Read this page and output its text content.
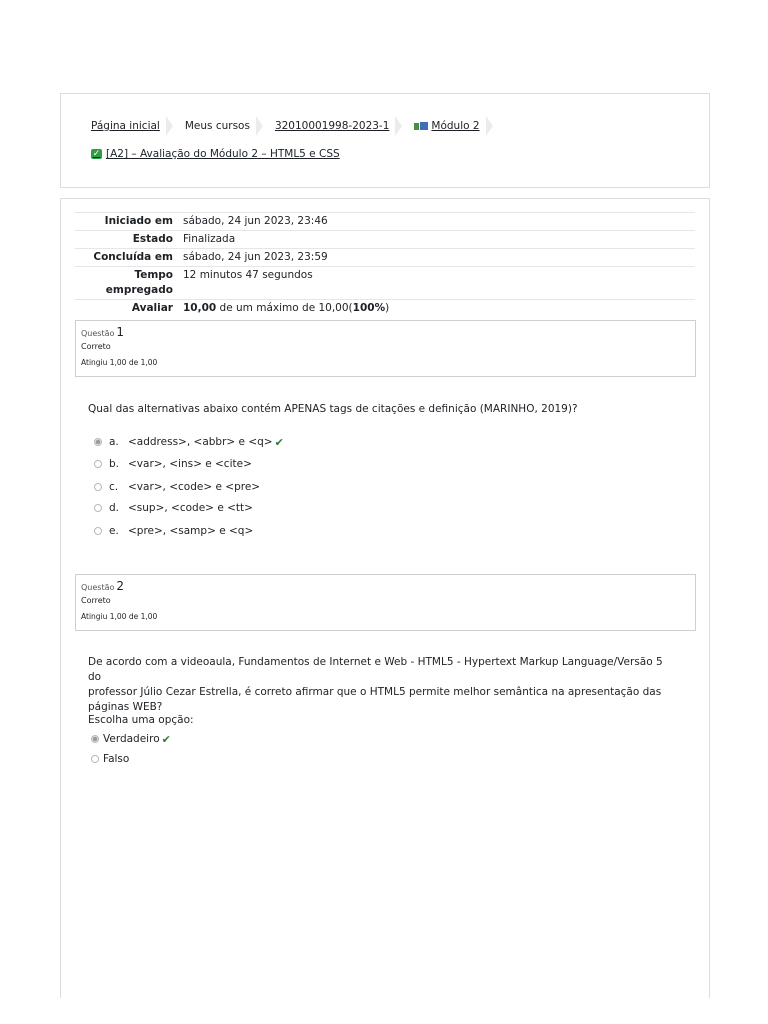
Página inicial Meus cursos 32010001998-2023-1	Módulo 2
✓ [A2] – Avaliação do Módulo 2 – HTML5 e CSS
Iniciado em	sábado, 24 jun 2023, 23:46
Estado	Finalizada
Concluída em	sábado, 24 jun 2023, 23:59
Tempo
empregado	12 minutos 47 segundos
Avaliar	10,00 de um máximo de 10,00(100%)
Questão 1
Correto
Atingiu 1,00 de 1,00
Qual das alternativas abaixo contém APENAS tags de citações e definição (MARINHO, 2019)?
a. <address>, <abbr> e <q> ✔
b. <var>, <ins> e <cite>
c. <var>, <code> e <pre>
d. <sup>, <code> e <tt>
e. <pre>, <samp> e <q>
Questão 2
Correto
Atingiu 1,00 de 1,00
De acordo com a videoaula, Fundamentos de Internet e Web - HTML5 - Hypertext Markup Language/Versão 5 do
professor Júlio Cezar Estrella, é correto afirmar que o HTML5 permite melhor semântica na apresentação das
páginas WEB?
Escolha uma opção:
Verdadeiro ✔
Falso
